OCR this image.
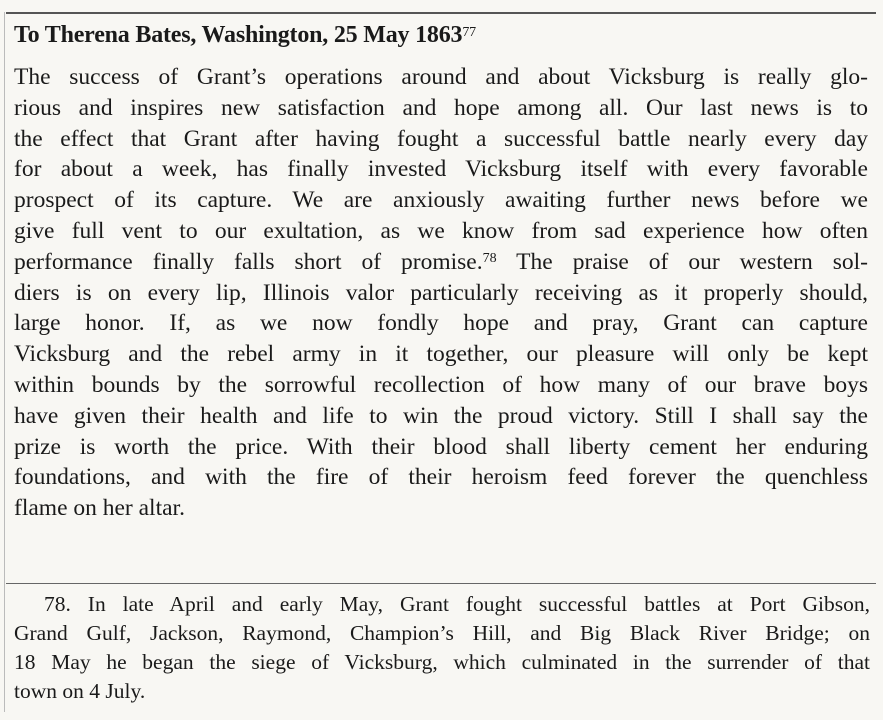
To Therena Bates, Washington, 25 May 1863$^{77}$
The success of Grant’s operations around and about Vicksburg is really glo-
rious and inspires new satisfaction and hope among all. Our last news is to
the effect that Grant after having fought a successful battle nearly every day
for about a week, has finally invested Vicksburg itself with every favorable
prospect of its capture. We are anxiously awaiting further news before we
give full vent to our exultation, as we know from sad experience how often
performance finally falls short of promise.$^{78}$ The praise of our western sol-
diers is on every lip, Illinois valor particularly receiving as it properly should,
large honor. If, as we now fondly hope and pray, Grant can capture
Vicksburg and the rebel army in it together, our pleasure will only be kept
within bounds by the sorrowful recollection of how many of our brave boys
have given their health and life to win the proud victory. Still I shall say the
prize is worth the price. With their blood shall liberty cement her enduring
foundations, and with the fire of their heroism feed forever the quenchless
flame on her altar.
78. In late April and early May, Grant fought successful battles at Port Gibson,
Grand Gulf, Jackson, Raymond, Champion’s Hill, and Big Black River Bridge; on
18 May he began the siege of Vicksburg, which culminated in the surrender of that
town on 4 July.
